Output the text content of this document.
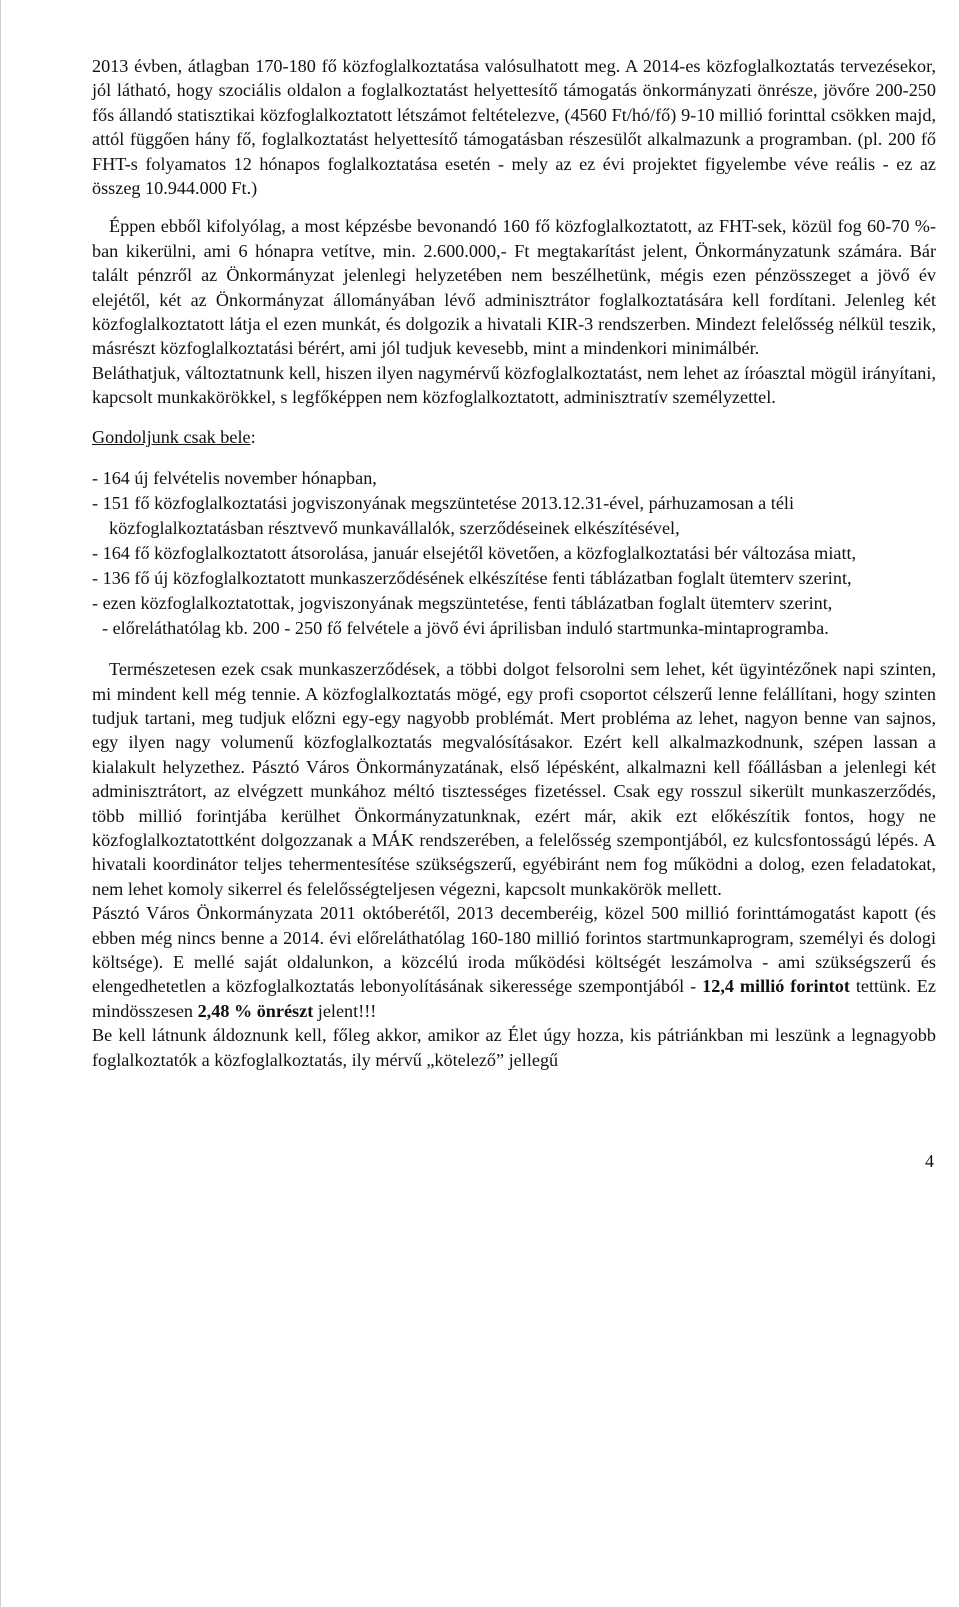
2013 évben, átlagban 170-180 fő közfoglalkoztatása valósulhatott meg. A 2014-es közfoglalkoztatás tervezésekor, jól látható, hogy szociális oldalon a foglalkoztatást helyettesítő támogatás önkormányzati önrésze, jövőre 200-250 fős állandó statisztikai közfoglalkoztatott létszámot feltételezve, (4560 Ft/hó/fő) 9-10 millió forinttal csökken majd, attól függően hány fő, foglalkoztatást helyettesítő támogatásban részesülőt alkalmazunk a programban. (pl. 200 fő FHT-s folyamatos 12 hónapos foglalkoztatása esetén - mely az ez évi projektet figyelembe véve reális - ez az összeg 10.944.000 Ft.)

Éppen ebből kifolyólag, a most képzésbe bevonandó 160 fő közfoglalkoztatott, az FHT-sek, közül fog 60-70 %-ban kikerülni, ami 6 hónapra vetítve, min. 2.600.000,- Ft megtakarítást jelent, Önkormányzatunk számára. Bár talált pénzről az Önkormányzat jelenlegi helyzetében nem beszélhetünk, mégis ezen pénzösszeget a jövő év elejétől, két az Önkormányzat állományában lévő adminisztrátor foglalkoztatására kell fordítani. Jelenleg két közfoglalkoztatott látja el ezen munkát, és dolgozik a hivatali KIR-3 rendszerben. Mindezt felelősség nélkül teszik, másrészt közfoglalkoztatási bérért, ami jól tudjuk kevesebb, mint a mindenkori minimálbér.

Beláthatjuk, változtatnunk kell, hiszen ilyen nagymérvű közfoglalkoztatást, nem lehet az íróasztal mögül irányítani, kapcsolt munkakörökkel, s legfőképpen nem közfoglalkoztatott, adminisztratív személyzettel.

Gondoljunk csak bele:

- 164 új felvételis november hónapban,
- 151 fő közfoglalkoztatási jogviszonyának megszüntetése 2013.12.31-ével, párhuzamosan a téli közfoglalkoztatásban résztvevő munkavállalók, szerződéseinek elkészítésével,
- 164 fő közfoglalkoztatott átsorolása, január elsejétől követően, a közfoglalkoztatási bér változása miatt,
- 136 fő új közfoglalkoztatott munkaszerződésének elkészítése fenti táblázatban foglalt ütemterv szerint,
- ezen közfoglalkoztatottak, jogviszonyának megszüntetése, fenti táblázatban foglalt ütemterv szerint,
- előreláthatólag kb. 200 - 250 fő felvétele a jövő évi áprilisban induló startmunka-mintaprogramba.

Természetesen ezek csak munkaszerződések, a többi dolgot felsorolni sem lehet, két ügyintézőnek napi szinten, mi mindent kell még tennie. A közfoglalkoztatás mögé, egy profi csoportot célszerű lenne felállítani, hogy szinten tudjuk tartani, meg tudjuk előzni egy-egy nagyobb problémát. Mert probléma az lehet, nagyon benne van sajnos, egy ilyen nagy volumenű közfoglalkoztatás megvalósításakor. Ezért kell alkalmazkodnunk, szépen lassan a kialakult helyzethez. Pásztó Város Önkormányzatának, első lépésként, alkalmazni kell főállásban a jelenlegi két adminisztrátort, az elvégzett munkához méltó tisztességes fizetéssel. Csak egy rosszul sikerült munkaszerződés, több millió forintjába kerülhet Önkormányzatunknak, ezért már, akik ezt előkészítik fontos, hogy ne közfoglalkoztatottként dolgozzanak a MÁK rendszerében, a felelősség szempontjából, ez kulcsfontosságú lépés. A hivatali koordinátor teljes tehermentesítése szükségszerű, egyébiránt nem fog működni a dolog, ezen feladatokat, nem lehet komoly sikerrel és felelősségteljesen végezni, kapcsolt munkakörök mellett.

Pásztó Város Önkormányzata 2011 októberétől, 2013 decemberéig, közel 500 millió forinttámogatást kapott (és ebben még nincs benne a 2014. évi előreláthatólag 160-180 millió forintos startmunkaprogram, személyi és dologi költsége). E mellé saját oldalunkon, a közcélú iroda működési költségét leszámolva - ami szükségszerű és elengedhetetlen a közfoglalkoztatás lebonyolításának sikeressége szempontjából - 12,4 millió forintot tettünk. Ez mindösszesen 2,48 % önrészt jelent!!!

Be kell látnunk áldoznunk kell, főleg akkor, amikor az Élet úgy hozza, kis pátriánkban mi leszünk a legnagyobb foglalkoztatók a közfoglalkoztatás, ily mérvű „kötelező” jellegű

4
